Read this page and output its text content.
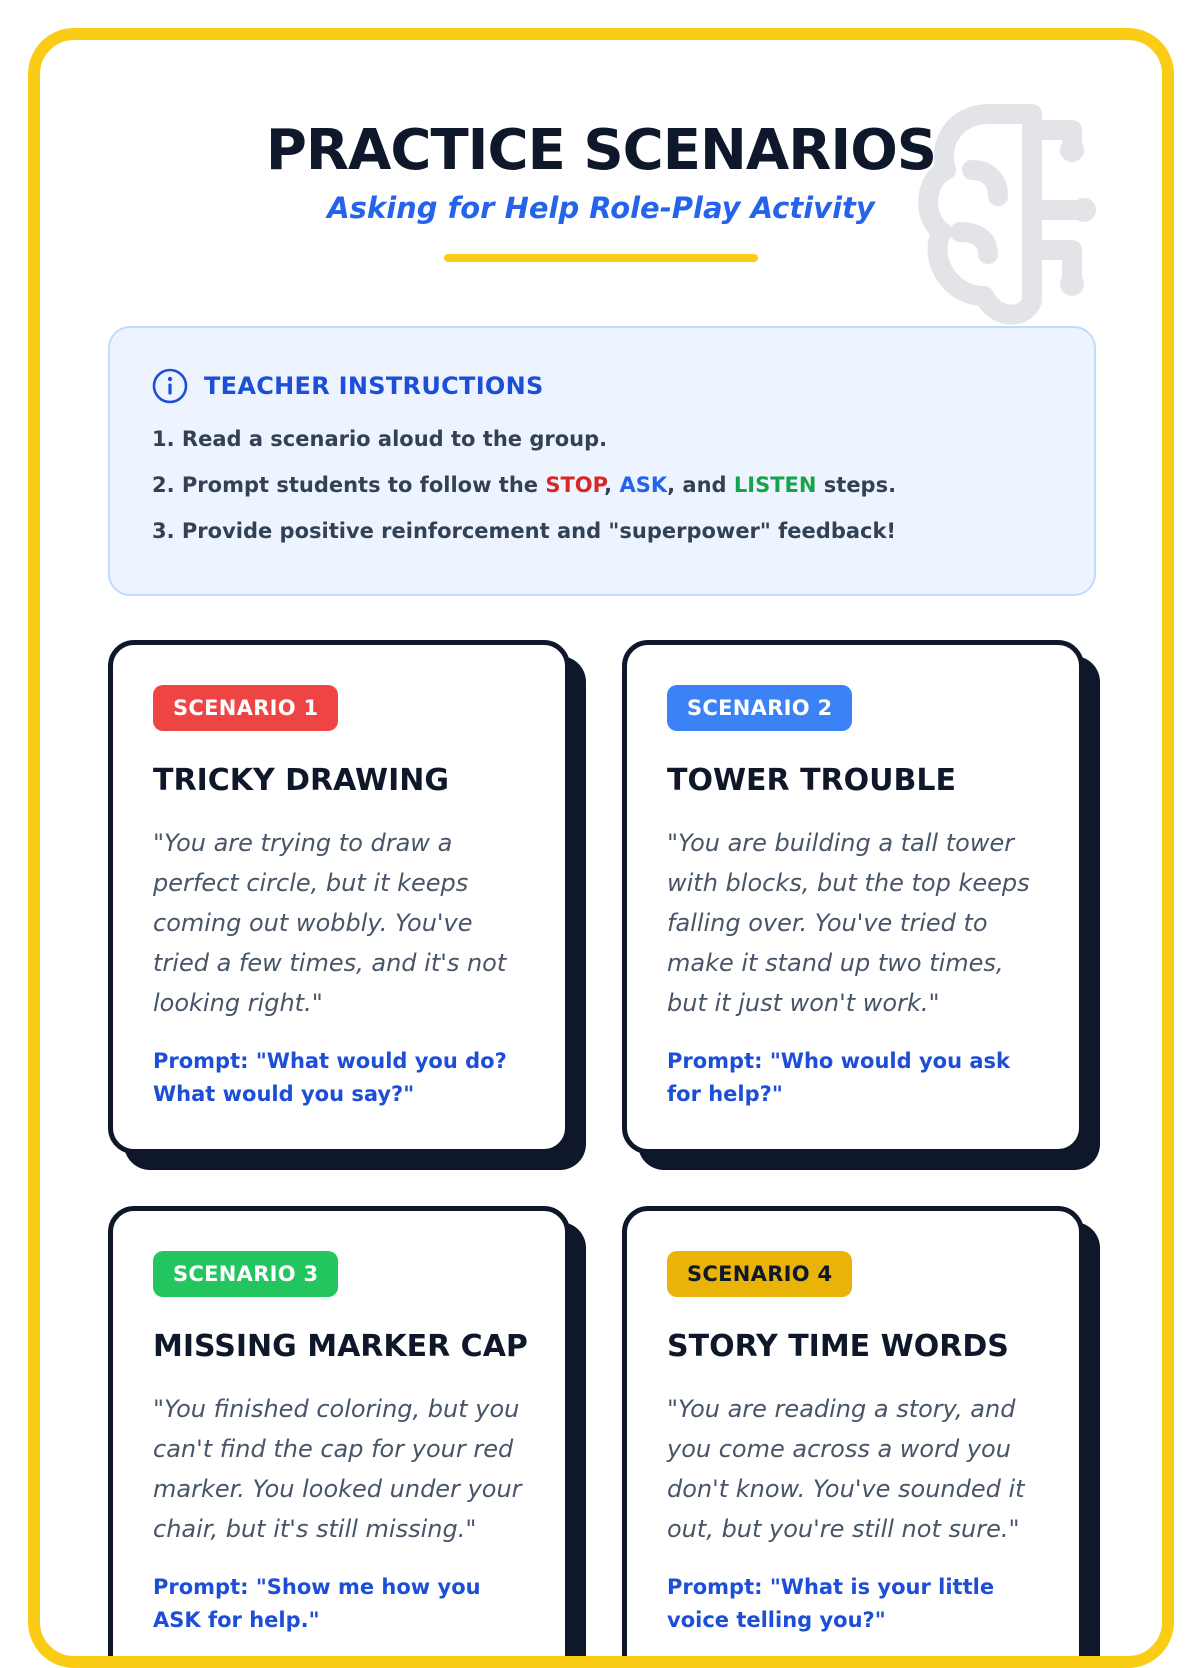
PRACTICE SCENARIOS
Asking for Help Role-Play Activity
TEACHER INSTRUCTIONS
1. Read a scenario aloud to the group.
2. Prompt students to follow the STOP, ASK, and LISTEN steps.
3. Provide positive reinforcement and "superpower" feedback!
SCENARIO 1
TRICKY DRAWING
"You are trying to draw a perfect circle, but it keeps coming out wobbly. You've tried a few times, and it's not looking right."
Prompt: "What would you do? What would you say?"
SCENARIO 2
TOWER TROUBLE
"You are building a tall tower with blocks, but the top keeps falling over. You've tried to make it stand up two times, but it just won't work."
Prompt: "Who would you ask for help?"
SCENARIO 3
MISSING MARKER CAP
"You finished coloring, but you can't find the cap for your red marker. You looked under your chair, but it's still missing."
Prompt: "Show me how you ASK for help."
SCENARIO 4
STORY TIME WORDS
"You are reading a story, and you come across a word you don't know. You've sounded it out, but you're still not sure."
Prompt: "What is your little voice telling you?"
